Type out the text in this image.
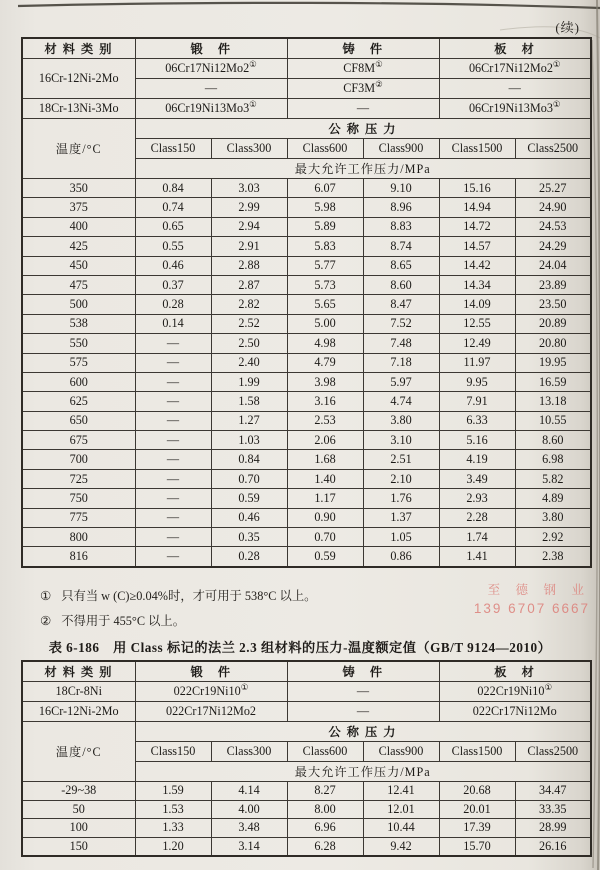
(续)
材 料 类 别	锻　件		铸　件		板　材	
16Cr-12Ni-2Mo	06Cr17Ni12Mo2①		CF8M①		06Cr17Ni12Mo2①
	—		CF3M②		—	
18Cr-13Ni-3Mo	06Cr19Ni13Mo3①		—		06Cr19Ni13Mo3①
温度/°C	公 称 压 力					
	Class150	Class300	Class600	Class900	Class1500	Class2500
	最大允许工作压力/MPa					
350	0.84	3.03	6.07	9.10	15.16	25.27
375	0.74	2.99	5.98	8.96	14.94	24.90
400	0.65	2.94	5.89	8.83	14.72	24.53
425	0.55	2.91	5.83	8.74	14.57	24.29
450	0.46	2.88	5.77	8.65	14.42	24.04
475	0.37	2.87	5.73	8.60	14.34	23.89
500	0.28	2.82	5.65	8.47	14.09	23.50
538	0.14	2.52	5.00	7.52	12.55	20.89
550	—	2.50	4.98	7.48	12.49	20.80
575	—	2.40	4.79	7.18	11.97	19.95
600	—	1.99	3.98	5.97	9.95	16.59
625	—	1.58	3.16	4.74	7.91	13.18
650	—	1.27	2.53	3.80	6.33	10.55
675	—	1.03	2.06	3.10	5.16	8.60
700	—	0.84	1.68	2.51	4.19	6.98
725	—	0.70	1.40	2.10	3.49	5.82
750	—	0.59	1.17	1.76	2.93	4.89
775	—	0.46	0.90	1.37	2.28	3.80
800	—	0.35	0.70	1.05	1.74	2.92
816	—	0.28	0.59	0.86	1.41	2.38
① 只有当 w (C)≥0.04%时，才可用于 538°C 以上。
② 不得用于 455°C 以上。
至 德 钢 业
139 6707 6667
表 6-186　用 Class 标记的法兰 2.3 组材料的压力-温度额定值（GB/T 9124—2010）
材 料 类 别	锻　件		铸　件		板　材	
18Cr-8Ni	022Cr19Ni10①		—		022Cr19Ni10①
16Cr-12Ni-2Mo	022Cr17Ni12Mo2		—		022Cr17Ni12Mo	
温度/°C	公 称 压 力					
	Class150	Class300	Class600	Class900	Class1500	Class2500
	最大允许工作压力/MPa					
-29~38	1.59	4.14	8.27	12.41	20.68	34.47
50	1.53	4.00	8.00	12.01	20.01	33.35
100	1.33	3.48	6.96	10.44	17.39	28.99
150	1.20	3.14	6.28	9.42	15.70	26.16
